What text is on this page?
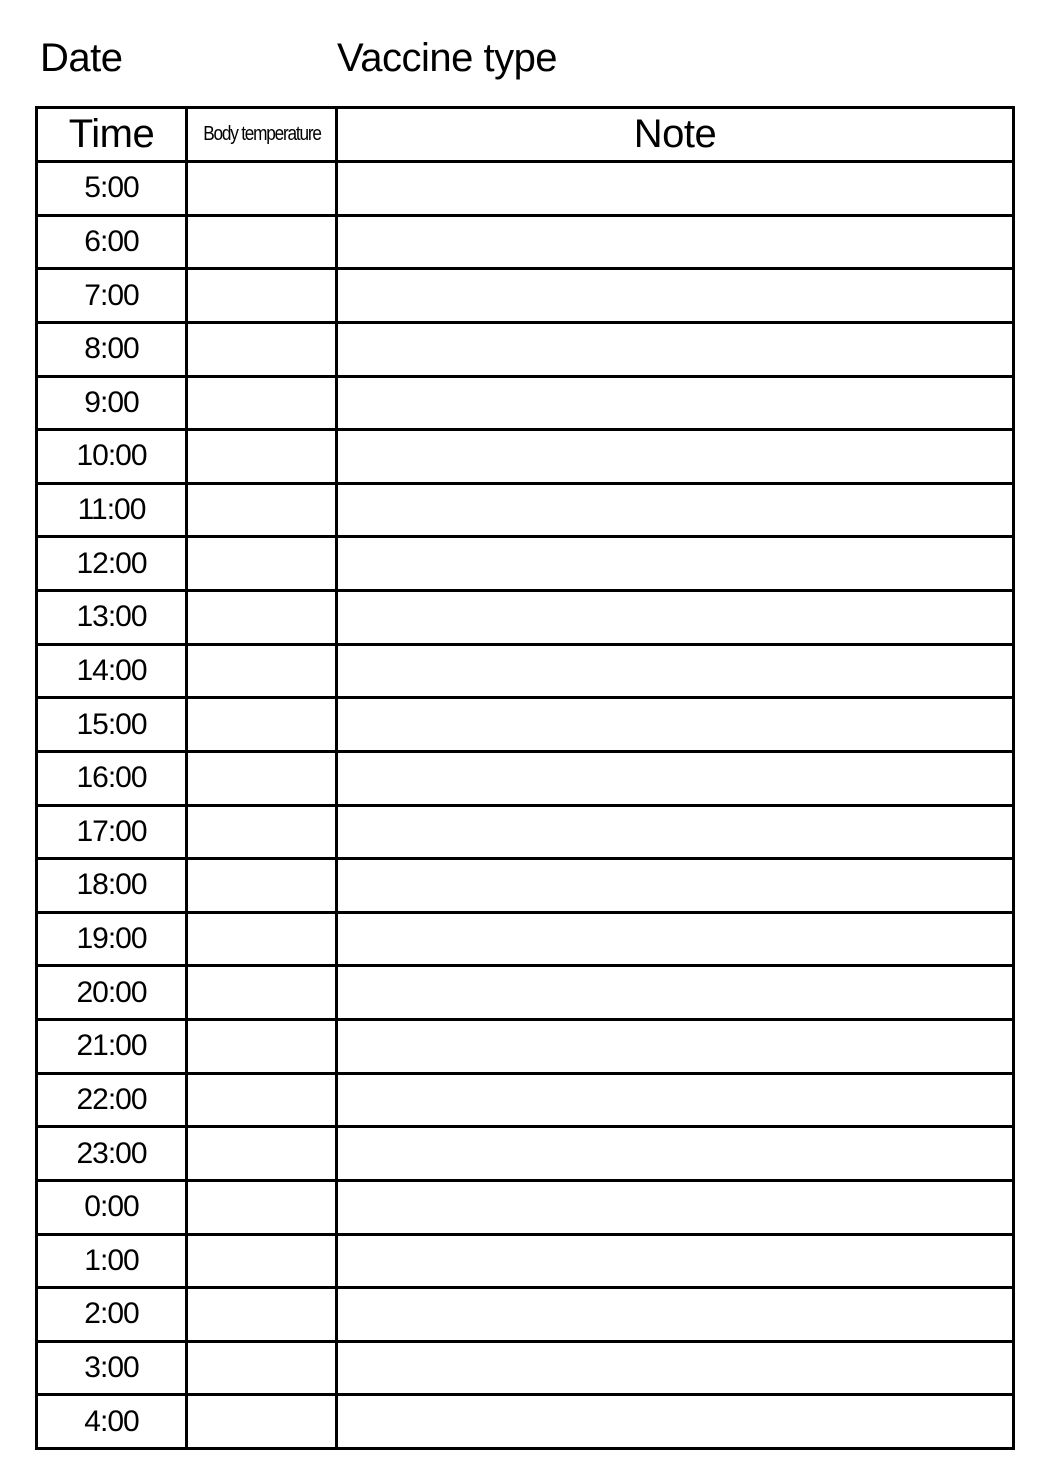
Date	Vaccine type
Time	Body temperature	Note
5:00		
6:00		
7:00		
8:00		
9:00		
10:00		
11:00		
12:00		
13:00		
14:00		
15:00		
16:00		
17:00		
18:00		
19:00		
20:00		
21:00		
22:00		
23:00		
0:00		
1:00		
2:00		
3:00		
4:00		
